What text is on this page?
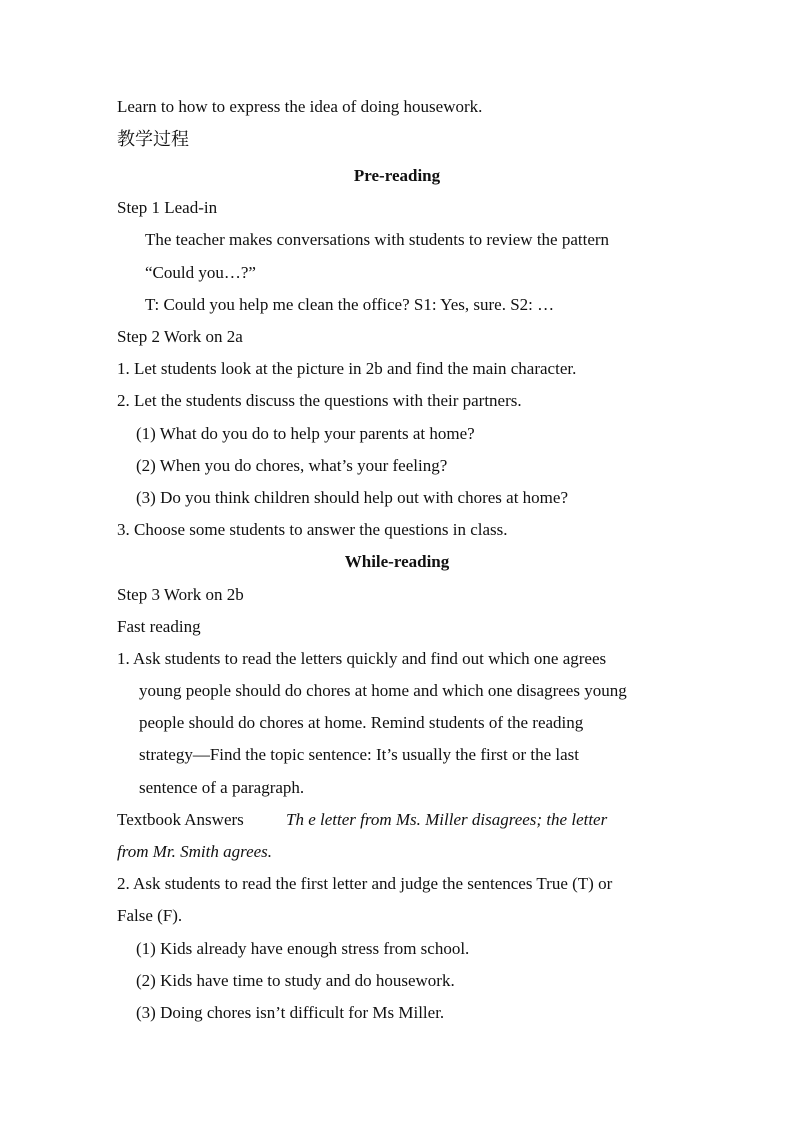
Learn to how to express the idea of doing housework.
教学过程
Pre-reading
Step 1 Lead-in
The teacher makes conversations with students to review the pattern
“Could you…?”
T: Could you help me clean the office? S1: Yes, sure. S2: …
Step 2 Work on 2a
1. Let students look at the picture in 2b and find the main character.
2. Let the students discuss the questions with their partners.
(1) What do you do to help your parents at home?
(2) When you do chores, what’s your feeling?
(3) Do you think children should help out with chores at home?
3. Choose some students to answer the questions in class.
While-reading
Step 3 Work on 2b
Fast reading
1. Ask students to read the letters quickly and find out which one agrees
young people should do chores at home and which one disagrees young
people should do chores at home. Remind students of the reading
strategy—Find the topic sentence: It’s usually the first or the last
sentence of a paragraph.
Textbook Answers Th e letter from Ms. Miller disagrees; the letter
from Mr. Smith agrees.
2. Ask students to read the first letter and judge the sentences True (T) or
False (F).
(1) Kids already have enough stress from school.
(2) Kids have time to study and do housework.
(3) Doing chores isn’t difficult for Ms Miller.
